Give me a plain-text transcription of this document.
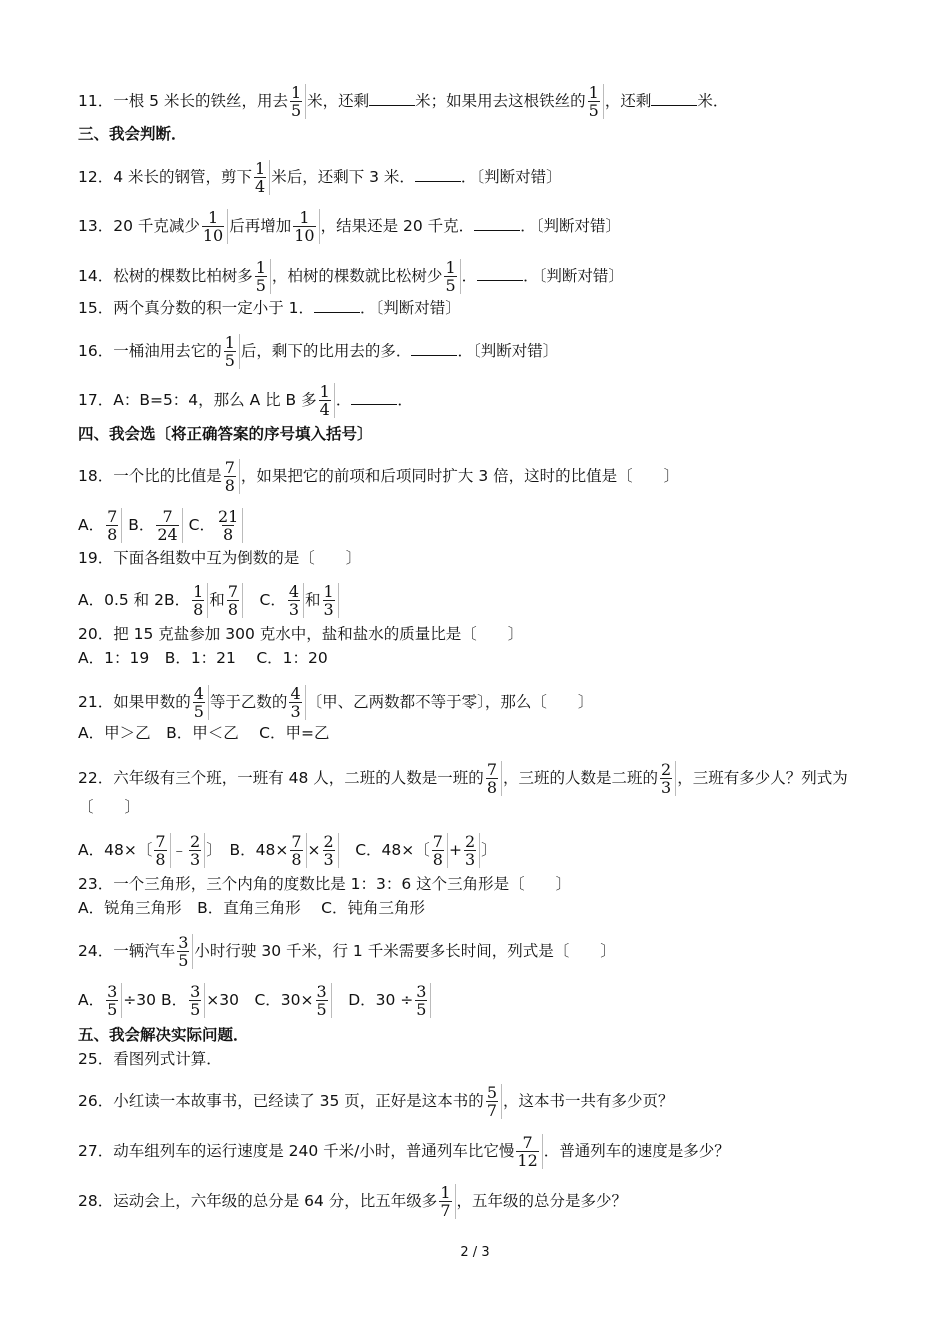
11．一根 5 米长的铁丝，用去 $\frac{1}{5}$ 米，还剩	米；如果用去这根铁丝的 $\frac{1}{5}$ ，还剩	米．
三、我会判断．
12．4 米长的钢管，剪下 $\frac{1}{4}$ 米后，还剩下 3 米．	．〔判断对错〕
13．20 千克减少 $\frac{1}{10}$ 后再增加 $\frac{1}{10}$ ，结果还是 20 千克．	．〔判断对错〕
14．松树的棵数比柏树多 $\frac{1}{5}$ ，柏树的棵数就比松树少 $\frac{1}{5}$ ．	．〔判断对错〕
15．两个真分数的积一定小于 1．	．〔判断对错〕
16．一桶油用去它的 $\frac{1}{5}$ 后，剩下的比用去的多．	．〔判断对错〕
17．A：B=5：4，那么 A 比 B 多 $\frac{1}{4}$ ．	．
四、我会选〔将正确答案的序号填入括号〕
18．一个比的比值是 $\frac{7}{8}$ ，如果把它的前项和后项同时扩大 3 倍，这时的比值是〔　　〕
A． $\frac{7}{8}$ B． $\frac{7}{24}$ C． $\frac{21}{8}$
19．下面各组数中互为倒数的是〔　　〕
A．0.5 和 2B． $\frac{1}{8}$ 和 $\frac{7}{8}$ 　C． $\frac{4}{3}$ 和 $\frac{1}{3}$
20．把 15 克盐参加 300 克水中，盐和盐水的质量比是〔　　〕
A．1：19　B．1：21　 C．1：20
21．如果甲数的 $\frac{4}{5}$ 等于乙数的 $\frac{4}{3}$ 〔甲、乙两数都不等于零〕，那么〔　　〕
A．甲＞乙　B．甲＜乙　 C．甲=乙
22．六年级有三个班，一班有 48 人，二班的人数是一班的 $\frac{7}{8}$ ，三班的人数是二班的 $\frac{2}{3}$ ，三班有多少人？列式为
〔　　〕
A．48×〔 $\frac{7}{8}$ ﹣ $\frac{2}{3}$ 〕　B．$48\times \frac{7}{8} \times \frac{2}{3}$ 　C．48×〔 $\frac{7}{8} + \frac{2}{3}$ 〕
23．一个三角形，三个内角的度数比是 1：3：6 这个三角形是〔　　〕
A．锐角三角形　B．直角三角形　 C．钝角三角形
24．一辆汽车 $\frac{3}{5}$ 小时行驶 30 千米，行 1 千米需要多长时间，列式是〔　　〕
A． $\frac{3}{5} \div 30$ B． $\frac{3}{5} \times 30$　C．$30\times \frac{3}{5}$ 　D．$30 \div \frac{3}{5}$
五、我会解决实际问题．
25．看图列式计算．
26．小红读一本故事书，已经读了 35 页，正好是这本书的 $\frac{5}{7}$ ，这本书一共有多少页？
27．动车组列车的运行速度是 240 千米/小时，普通列车比它慢 $\frac{7}{12}$ ．普通列车的速度是多少？
28．运动会上，六年级的总分是 64 分，比五年级多 $\frac{1}{7}$ ，五年级的总分是多少？
2 / 3
